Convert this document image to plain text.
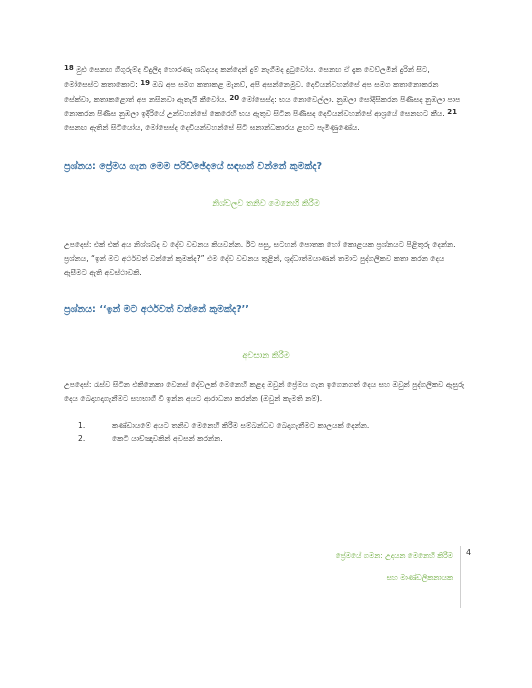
$^{18}$ මුළු සෙනඟ ගිගුරුම්ද විදුලිද හොරණෑ ශබ්දයද කන්දෙන් දුම් නැගීමද දුටුවෝය. සෙනඟ ඒ දැක වෙව්ලමින් දුරින් සිට, මෝසෙස්ට කතාකොට: $^{19}$ ඔබ අප සමග කතාකළ මැනව්, අපි අසන්නෙමුව. දෙවියන්වහන්සේ අප සමග කතානොකරන සේක්වා, කතාකළොත් අප නසිනවා ඇතැයි කීවෝය. $^{20}$ මෝසෙස්ද: භය නොවෙල්ලා. නුඹලා සෝදිසිකරන පිණිසද නුඹලා පාප නොකරන පිණිස නුඹලා ඉදිරියේ උන්වහන්සේ කෙරෙහි භය ඇතුව සිටින පිණිසද දෙවියන්වහන්සේ ආශ්‍රයේ සෙනඟට කීය. $^{21}$ සෙනඟ ඈතින් සිටියෝය, මෝසෙස්ද දෙවියන්වහන්සේ සිටි ඝනාන්ධකාරය ළඟට පැමිණුණේය.
ප්‍රශ්නය: ප්‍රේමය ගැන මෙම පරිච්ඡේදයේ සඳහන් වන්නේ කුමක්ද?
නිශ්චලව තනිව මෙනෙහි කිරීම
උපදෙස්: එක් එක් අය නිශ්ශබ්ද ව දේව වචනය කියවන්න. ඊට පසු, සටහන් පොතක හෝ කොළයක ප්‍රශ්නයට පිළිතුරු දෙන්න. ප්‍රශ්නය, “ඉන් මට අර්ථවත් වන්නේ කුමක්ද?” එම දේව වචනය තුළින්, ශුද්ධාත්මයාණන් තමාට පුද්ගලිකව කතා කරන දෙය ඇසීමට ඇති අවස්ථාවකි.
ප්‍රශ්නය: ‘‘ඉන් මට අර්ථවත් වන්නේ කුමක්ද?’’
අවසාන කිරීම
උපදෙස්: රැස්ව සිටින එකිනෙකා වෙනස් දේවලක් මෙනෙහි කළද ඔවුන් ප්‍රේමය ගැන ඉගෙනගත් දෙය සහ ඔවුන් පුද්ගලිකව ඇසුරු දෙය බෙදාහදාගැනීමට සහභාගී වී ඉන්න අයට ආරාධනා කරන්න (ඔවුන් කැමති නම්).
1.	කණ්ඩායමේ අයට තනිව මෙනෙහි කිරීම සම්බන්ධව බෙදාගැනීමට කාලයක් දෙන්න.
2.	කෙටි යාච්ඤාවකින් අවසන් කරන්න.
ප්‍රේමයේ ගමන: උදයන මෙනෙහි කිරීම
සහ මාණ්ඩලිකනායක
4
